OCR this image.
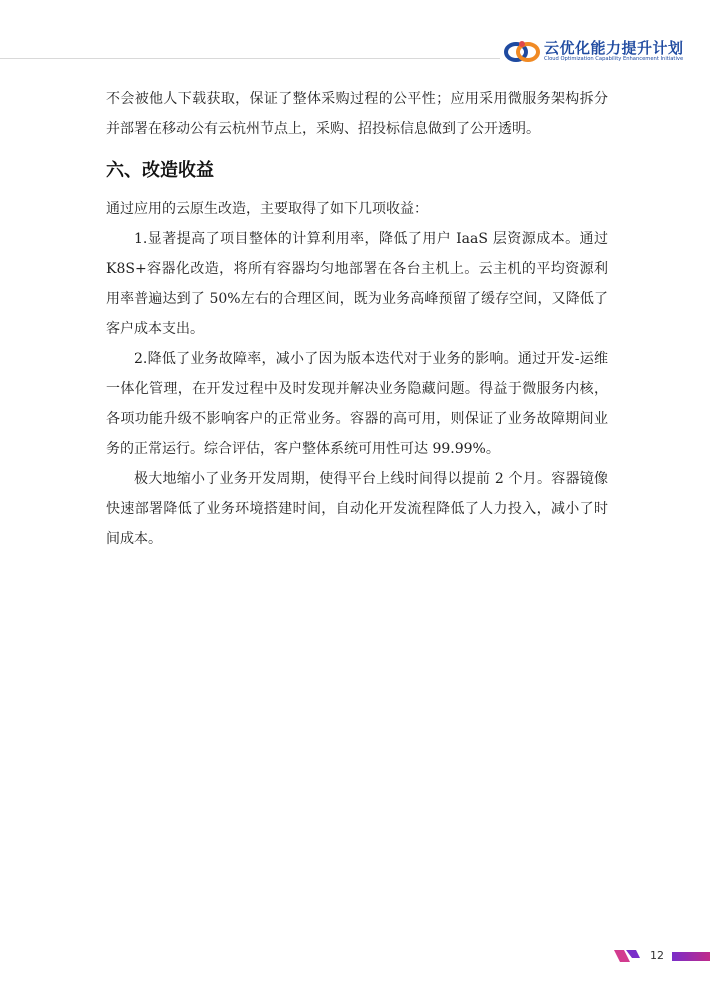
云优化能力提升计划
Cloud Optimization Capability Enhancement Initiative

不会被他人下载获取，保证了整体采购过程的公平性；应用采用微服务架构拆分并部署在移动公有云杭州节点上，采购、招投标信息做到了公开透明。

六、改造收益

通过应用的云原生改造，主要取得了如下几项收益：

1.显著提高了项目整体的计算利用率，降低了用户 IaaS 层资源成本。通过 K8S+容器化改造，将所有容器均匀地部署在各台主机上。云主机的平均资源利用率普遍达到了 50%左右的合理区间，既为业务高峰预留了缓存空间，又降低了客户成本支出。

2.降低了业务故障率，减小了因为版本迭代对于业务的影响。通过开发-运维一体化管理，在开发过程中及时发现并解决业务隐藏问题。得益于微服务内核，各项功能升级不影响客户的正常业务。容器的高可用，则保证了业务故障期间业务的正常运行。综合评估，客户整体系统可用性可达 99.99%。

极大地缩小了业务开发周期，使得平台上线时间得以提前 2 个月。容器镜像快速部署降低了业务环境搭建时间，自动化开发流程降低了人力投入，减小了时间成本。

12
